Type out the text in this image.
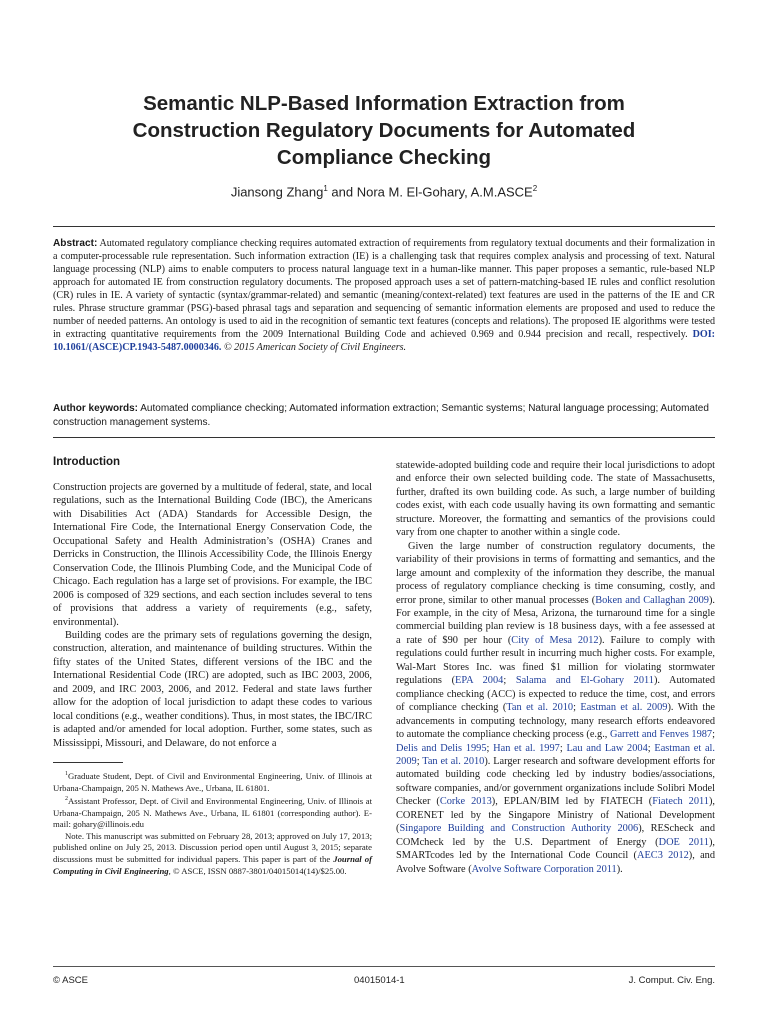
Semantic NLP-Based Information Extraction from
Construction Regulatory Documents for Automated
Compliance Checking
Jiansong Zhang$^1$ and Nora M. El-Gohary, A.M.ASCE$^2$

Abstract: Automated regulatory compliance checking requires automated extraction of requirements from regulatory textual documents and their formalization in a computer-processable rule representation. Such information extraction (IE) is a challenging task that requires complex analysis and processing of text. Natural language processing (NLP) aims to enable computers to process natural language text in a human-like manner. This paper proposes a semantic, rule-based NLP approach for automated IE from construction regulatory documents. The proposed approach uses a set of pattern-matching-based IE rules and conflict resolution (CR) rules in IE. A variety of syntactic (syntax/grammar-related) and semantic (meaning/context-related) text features are used in the patterns of the IE and CR rules. Phrase structure grammar (PSG)-based phrasal tags and separation and sequencing of semantic information elements are proposed and used to reduce the number of needed patterns. An ontology is used to aid in the recognition of semantic text features (concepts and relations). The proposed IE algorithms were tested in extracting quantitative requirements from the 2009 International Building Code and achieved 0.969 and 0.944 precision and recall, respectively. DOI: 10.1061/(ASCE)CP.1943-5487.0000346. © 2015 American Society of Civil Engineers.

Author keywords: Automated compliance checking; Automated information extraction; Semantic systems; Natural language processing; Automated construction management systems.

Introduction

Construction projects are governed by a multitude of federal, state, and local regulations, such as the International Building Code (IBC), the Americans with Disabilities Act (ADA) Standards for Accessible Design, the International Fire Code, the International Energy Conservation Code, the Occupational Safety and Health Administration’s (OSHA) Cranes and Derricks in Construction, the Illinois Accessibility Code, the Illinois Energy Conservation Code, the Illinois Plumbing Code, and the Municipal Code of Chicago. Each regulation has a large set of provisions. For example, the IBC 2006 is composed of 329 sections, and each section includes several to tens of provisions that address a variety of requirements (e.g., safety, environmental).

Building codes are the primary sets of regulations governing the design, construction, alteration, and maintenance of building structures. Within the fifty states of the United States, different versions of the IBC and the International Residential Code (IRC) are adopted, such as IBC 2003, 2006, and 2009, and IRC 2003, 2006, and 2012. Federal and state laws further allow for the adoption of local jurisdiction to adapt these codes to various local conditions (e.g., weather conditions). Thus, in most states, the IBC/IRC is adapted and/or amended for local adoption. Further, some states, such as Mississippi, Missouri, and Delaware, do not enforce a

$^1$Graduate Student, Dept. of Civil and Environmental Engineering, Univ. of Illinois at Urbana-Champaign, 205 N. Mathews Ave., Urbana, IL 61801.

$^2$Assistant Professor, Dept. of Civil and Environmental Engineering, Univ. of Illinois at Urbana-Champaign, 205 N. Mathews Ave., Urbana, IL 61801 (corresponding author). E-mail: gohary@illinois.edu

Note. This manuscript was submitted on February 28, 2013; approved on July 17, 2013; published online on July 25, 2013. Discussion period open until August 3, 2015; separate discussions must be submitted for individual papers. This paper is part of the Journal of Computing in Civil Engineering, © ASCE, ISSN 0887-3801/04015014(14)/$25.00.

statewide-adopted building code and require their local jurisdictions to adopt and enforce their own selected building code. The state of Massachusetts, further, drafted its own building code. As such, a large number of building codes exist, with each code usually having its own formatting and semantic structure. Moreover, the formatting and semantics of the provisions could vary from one chapter to another within a single code.

Given the large number of construction regulatory documents, the variability of their provisions in terms of formatting and semantics, and the large amount and complexity of the information they describe, the manual process of regulatory compliance checking is time consuming, costly, and error prone, similar to other manual processes (Boken and Callaghan 2009). For example, in the city of Mesa, Arizona, the turnaround time for a single commercial building plan review is 18 business days, with a fee assessed at a rate of $90 per hour (City of Mesa 2012). Failure to comply with regulations could further result in incurring much higher costs. For example, Wal-Mart Stores Inc. was fined $1 million for violating stormwater regulations (EPA 2004; Salama and El-Gohary 2011). Automated compliance checking (ACC) is expected to reduce the time, cost, and errors of compliance checking (Tan et al. 2010; Eastman et al. 2009). With the advancements in computing technology, many research efforts endeavored to automate the compliance checking process (e.g., Garrett and Fenves 1987; Delis and Delis 1995; Han et al. 1997; Lau and Law 2004; Eastman et al. 2009; Tan et al. 2010). Larger research and software development efforts for automated building code checking led by industry bodies/associations, software companies, and/or government organizations include Solibri Model Checker (Corke 2013), EPLAN/BIM led by FIATECH (Fiatech 2011), CORENET led by the Singapore Ministry of National Development (Singapore Building and Construction Authority 2006), REScheck and COMcheck led by the U.S. Department of Energy (DOE 2011), SMARTcodes led by the International Code Council (AEC3 2012), and Avolve Software (Avolve Software Corporation 2011).

© ASCE	04015014-1	J. Comput. Civ. Eng.
